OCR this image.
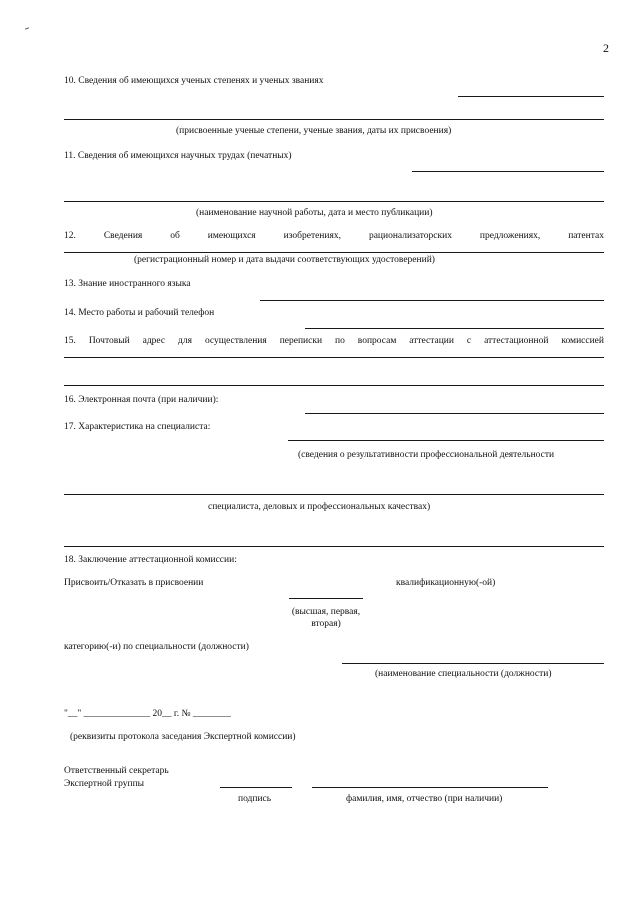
2
10. Сведения об имеющихся ученых степенях и ученых званиях
(присвоенные ученые степени, ученые звания, даты их присвоения)
11. Сведения об имеющихся научных трудах (печатных)
(наименование научной работы, дата и место публикации)
12.	Сведения	об	имеющихся	изобретениях,	рационализаторских	предложениях,	патентах
(регистрационный номер и дата выдачи соответствующих удостоверений)
13. Знание иностранного языка
14. Место работы и рабочий телефон
15. Почтовый адрес для осуществления переписки по вопросам аттестации с аттестационной комиссией
16. Электронная почта (при наличии):
17. Характеристика на специалиста:
(сведения о результативности профессиональной деятельности
специалиста, деловых и профессиональных качествах)
18. Заключение аттестационной комиссии:
Присвоить/Отказать в присвоении	квалификационную(-ой)
(высшая, первая,
вторая)
категорию(-и) по специальности (должности)
(наименование специальности (должности)
"__" ______________ 20__ г. № ________
(реквизиты протокола заседания Экспертной комиссии)
Ответственный секретарь
Экспертной группы
подпись	фамилия, имя, отчество (при наличии)
